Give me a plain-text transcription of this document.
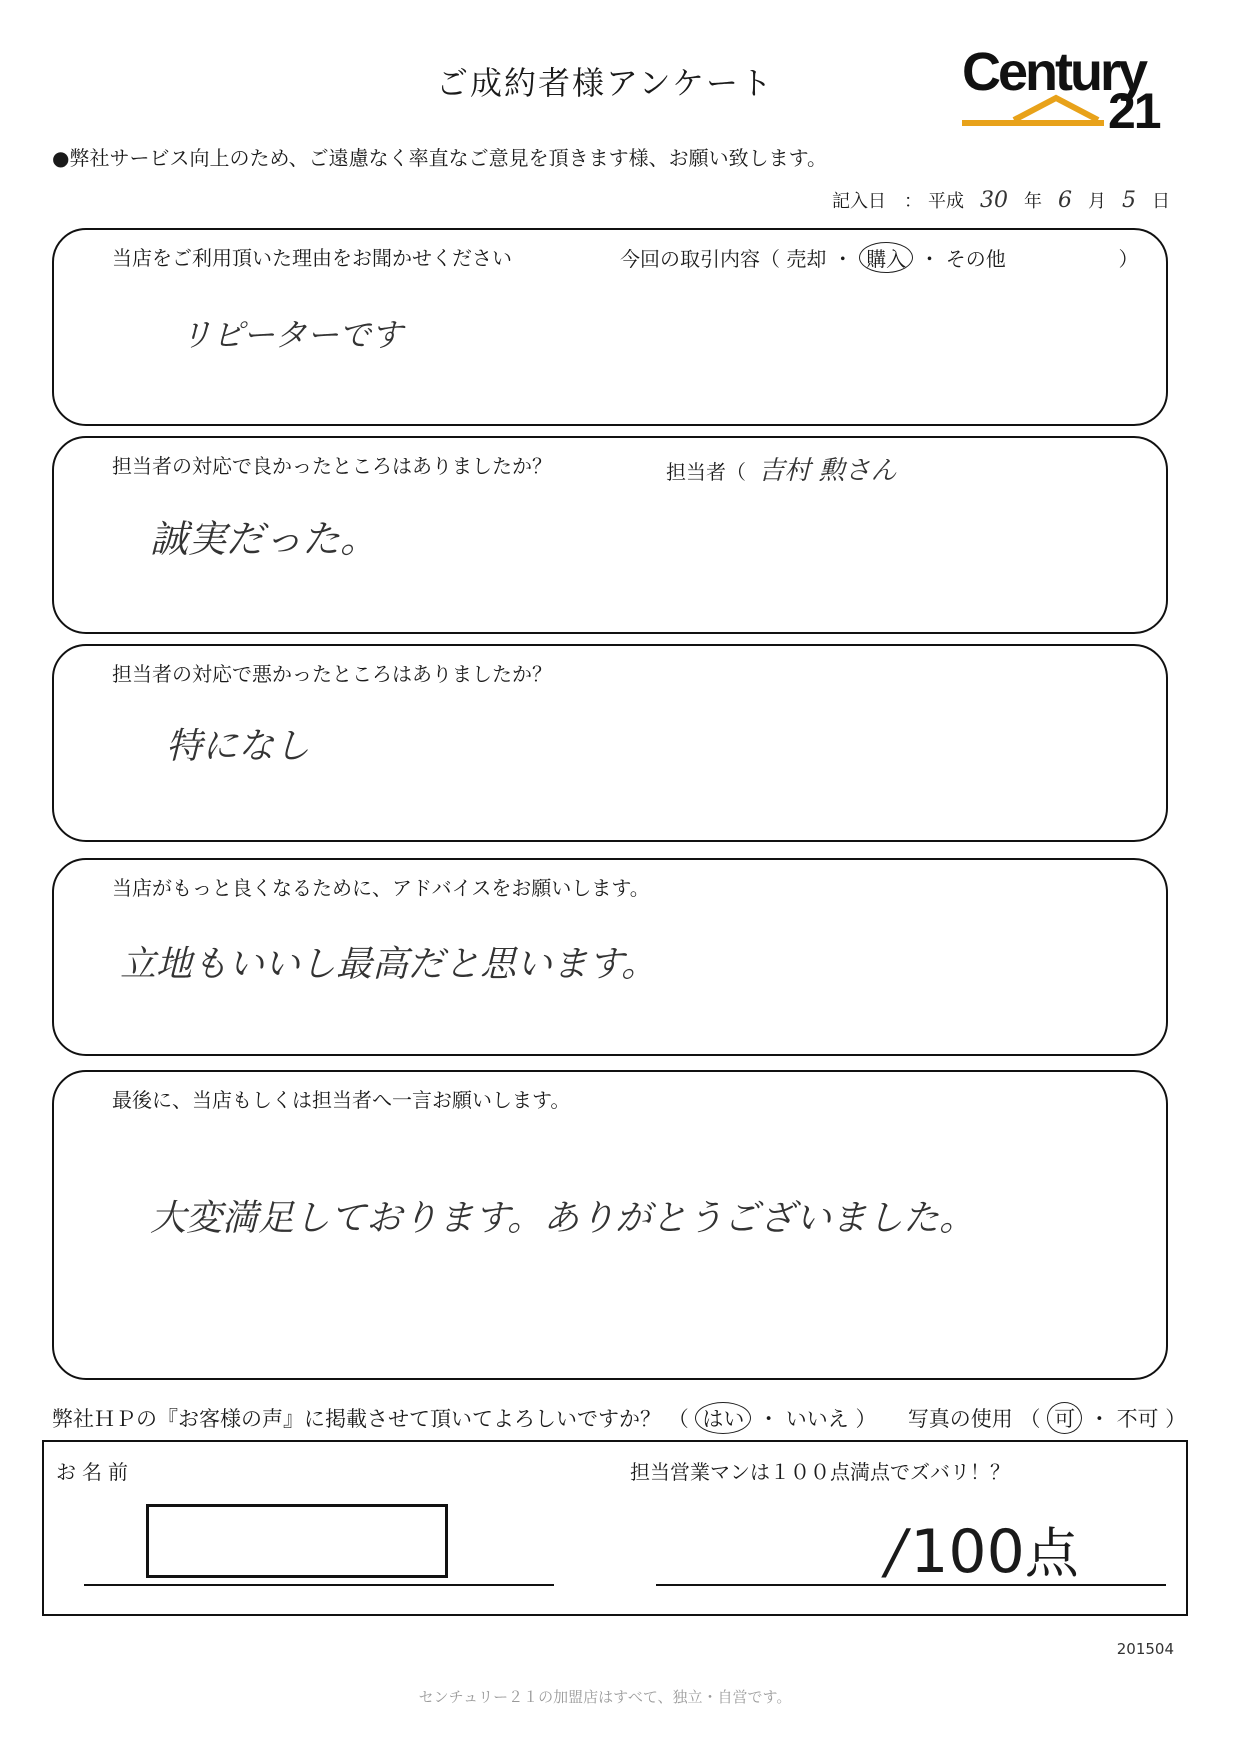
ご成約者様アンケート	Century
21
●弊社サービス向上のため、ご遠慮なく率直なご意見を頂きます様、お願い致します。
記入日　： 平成 30 年 6 月 5 日
当店をご利用頂いた理由をお聞かせください	今回の取引内容（ 売却 ・ 購入 ・ その他	）
リピーターです
担当者の対応で良かったところはありましたか？	担当者（ 吉村 勲さん
誠実だった。
担当者の対応で悪かったところはありましたか？
特になし
当店がもっと良くなるために、アドバイスをお願いします。
立地もいいし最高だと思います。
最後に、当店もしくは担当者へ一言お願いします。
大変満足しております。ありがとうございました。
弊社ＨＰの『お客様の声』に掲載させて頂いてよろしいですか？ （ はい ・ いいえ ） 写真の使用 （ 可 ・ 不可 ）
お名前	担当営業マンは１００点満点でズバリ！？
/ 100 点
201504
センチュリー２１の加盟店はすべて、独立・自営です。
